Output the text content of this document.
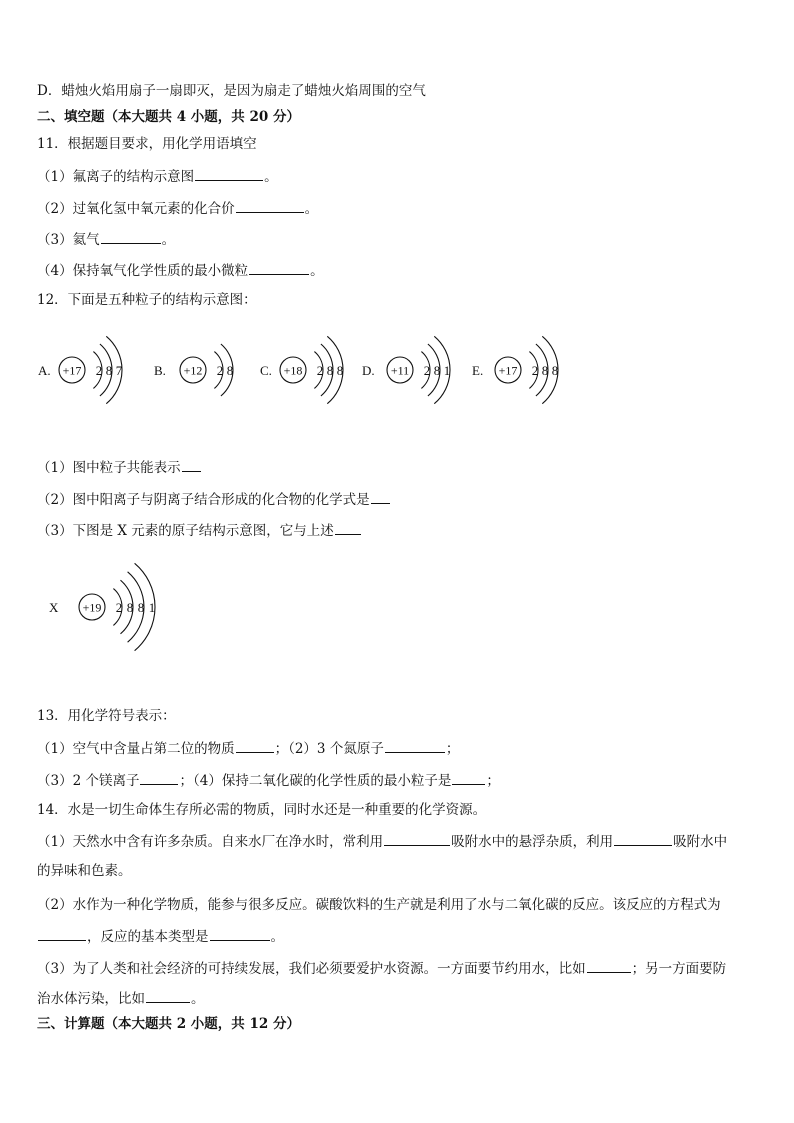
D．蜡烛火焰用扇子一扇即灭，是因为扇走了蜡烛火焰周围的空气
二、填空题（本大题共 4 小题，共 20 分）
11．根据题目要求，用化学用语填空
（1）氟离子的结构示意图	。
（2）过氧化氢中氧元素的化合价	。
（3）氦气	。
（4）保持氧气化学性质的最小微粒	。
12．下面是五种粒子的结构示意图：
A. +17 2 8 7 B. +12 2 8 C. +18 2 8 8 D. +11 2 8 1 E. +17 2 8 8
X +19 2 8 8 1
（1）图中粒子共能表示
（2）图中阳离子与阴离子结合形成的化合物的化学式是
（3）下图是 X 元素的原子结构示意图，它与上述
13．用化学符号表示：
（1）空气中含量占第二位的物质	；（2）3 个氮原子	；
（3）2 个镁离子	；（4）保持二氧化碳的化学性质的最小粒子是	；
14．水是一切生命体生存所必需的物质，同时水还是一种重要的化学资源。
（1）天然水中含有许多杂质。自来水厂在净水时，常利用	吸附水中的悬浮杂质，利用	吸附水中
的异味和色素。
（2）水作为一种化学物质，能参与很多反应。碳酸饮料的生产就是利用了水与二氧化碳的反应。该反应的方程式为
，反应的基本类型是	。
（3）为了人类和社会经济的可持续发展，我们必须要爱护水资源。一方面要节约用水，比如	；另一方面要防
治水体污染，比如	。
三、计算题（本大题共 2 小题，共 12 分）
